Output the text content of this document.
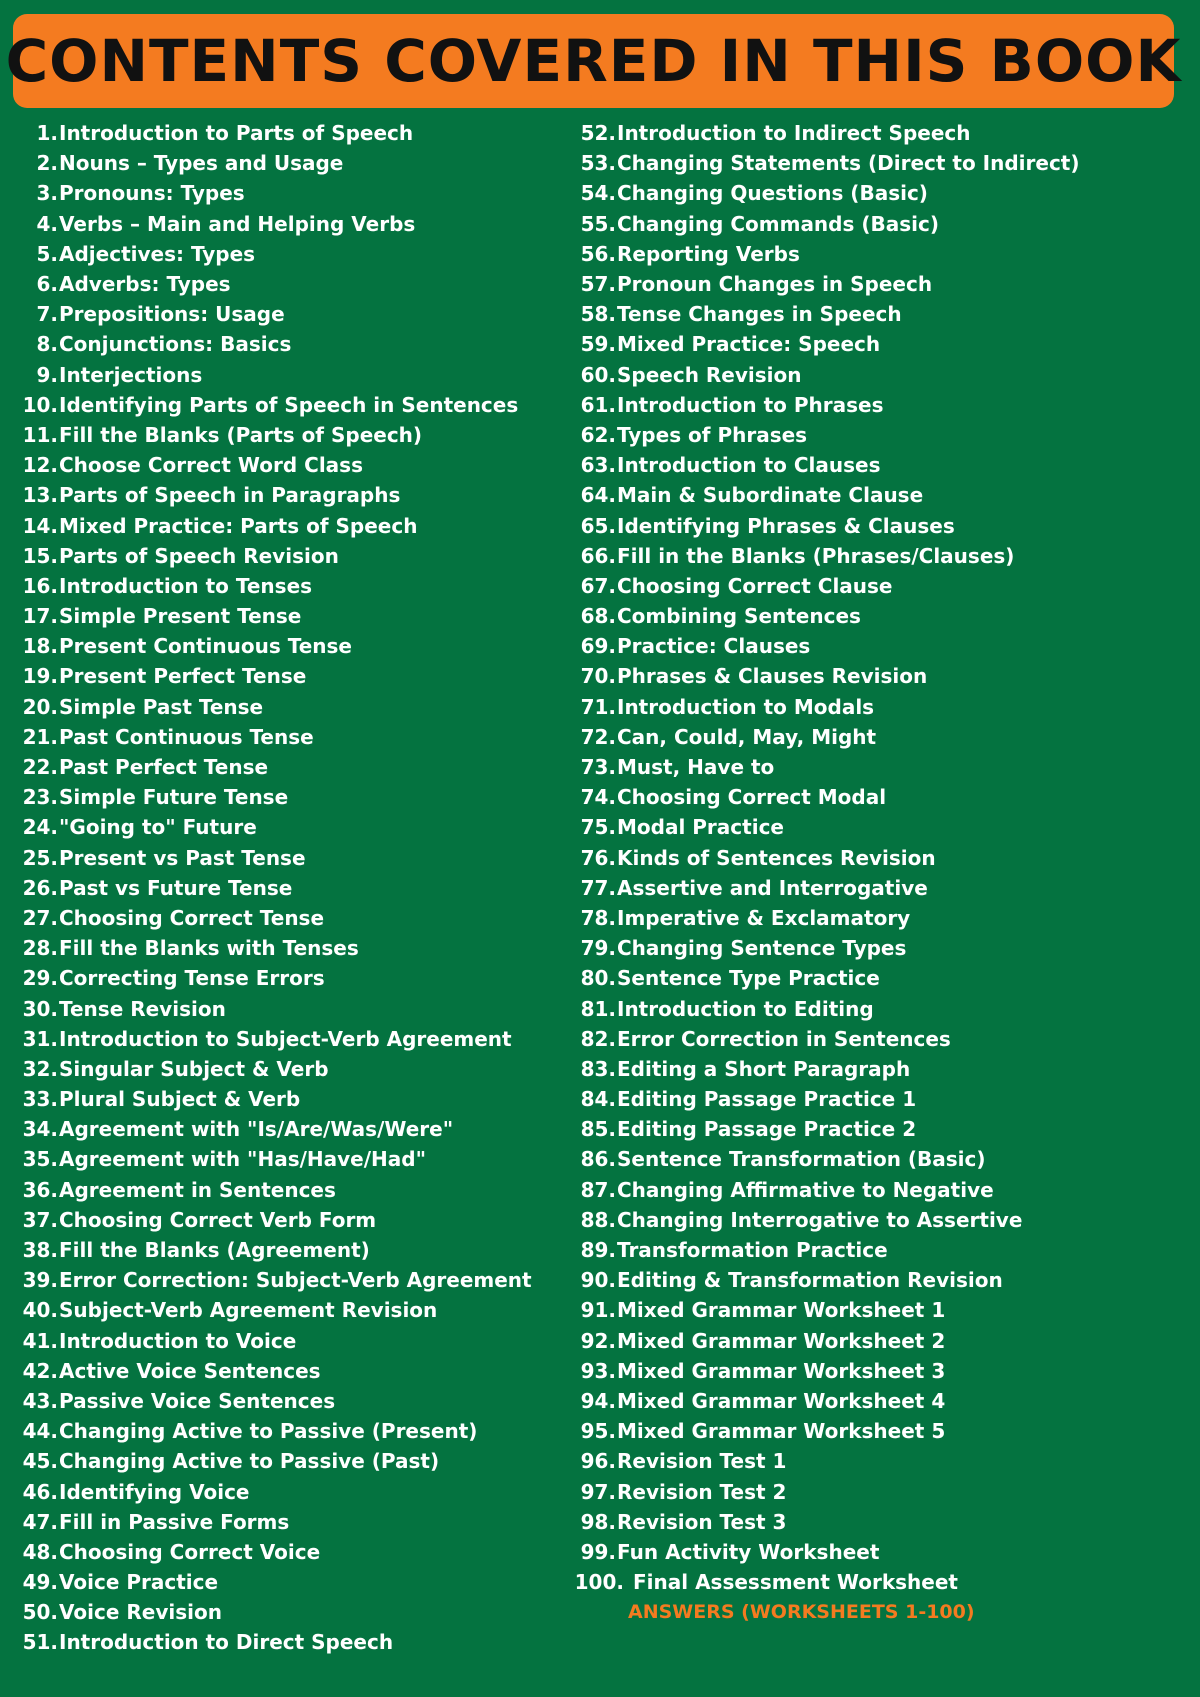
CONTENTS COVERED IN THIS BOOK
1. Introduction to Parts of Speech
2. Nouns – Types and Usage
3. Pronouns: Types
4. Verbs – Main and Helping Verbs
5. Adjectives: Types
6. Adverbs: Types
7. Prepositions: Usage
8. Conjunctions: Basics
9. Interjections
10. Identifying Parts of Speech in Sentences
11. Fill the Blanks (Parts of Speech)
12. Choose Correct Word Class
13. Parts of Speech in Paragraphs
14. Mixed Practice: Parts of Speech
15. Parts of Speech Revision
16. Introduction to Tenses
17. Simple Present Tense
18. Present Continuous Tense
19. Present Perfect Tense
20. Simple Past Tense
21. Past Continuous Tense
22. Past Perfect Tense
23. Simple Future Tense
24. "Going to" Future
25. Present vs Past Tense
26. Past vs Future Tense
27. Choosing Correct Tense
28. Fill the Blanks with Tenses
29. Correcting Tense Errors
30. Tense Revision
31. Introduction to Subject-Verb Agreement
32. Singular Subject & Verb
33. Plural Subject & Verb
34. Agreement with "Is/Are/Was/Were"
35. Agreement with "Has/Have/Had"
36. Agreement in Sentences
37. Choosing Correct Verb Form
38. Fill the Blanks (Agreement)
39. Error Correction: Subject-Verb Agreement
40. Subject-Verb Agreement Revision
41. Introduction to Voice
42. Active Voice Sentences
43. Passive Voice Sentences
44. Changing Active to Passive (Present)
45. Changing Active to Passive (Past)
46. Identifying Voice
47. Fill in Passive Forms
48. Choosing Correct Voice
49. Voice Practice
50. Voice Revision
51. Introduction to Direct Speech
52. Introduction to Indirect Speech
53. Changing Statements (Direct to Indirect)
54. Changing Questions (Basic)
55. Changing Commands (Basic)
56. Reporting Verbs
57. Pronoun Changes in Speech
58. Tense Changes in Speech
59. Mixed Practice: Speech
60. Speech Revision
61. Introduction to Phrases
62. Types of Phrases
63. Introduction to Clauses
64. Main & Subordinate Clause
65. Identifying Phrases & Clauses
66. Fill in the Blanks (Phrases/Clauses)
67. Choosing Correct Clause
68. Combining Sentences
69. Practice: Clauses
70. Phrases & Clauses Revision
71. Introduction to Modals
72. Can, Could, May, Might
73. Must, Have to
74. Choosing Correct Modal
75. Modal Practice
76. Kinds of Sentences Revision
77. Assertive and Interrogative
78. Imperative & Exclamatory
79. Changing Sentence Types
80. Sentence Type Practice
81. Introduction to Editing
82. Error Correction in Sentences
83. Editing a Short Paragraph
84. Editing Passage Practice 1
85. Editing Passage Practice 2
86. Sentence Transformation (Basic)
87. Changing Affirmative to Negative
88. Changing Interrogative to Assertive
89. Transformation Practice
90. Editing & Transformation Revision
91. Mixed Grammar Worksheet 1
92. Mixed Grammar Worksheet 2
93. Mixed Grammar Worksheet 3
94. Mixed Grammar Worksheet 4
95. Mixed Grammar Worksheet 5
96. Revision Test 1
97. Revision Test 2
98. Revision Test 3
99. Fun Activity Worksheet
100. Final Assessment Worksheet
ANSWERS (WORKSHEETS 1-100)
